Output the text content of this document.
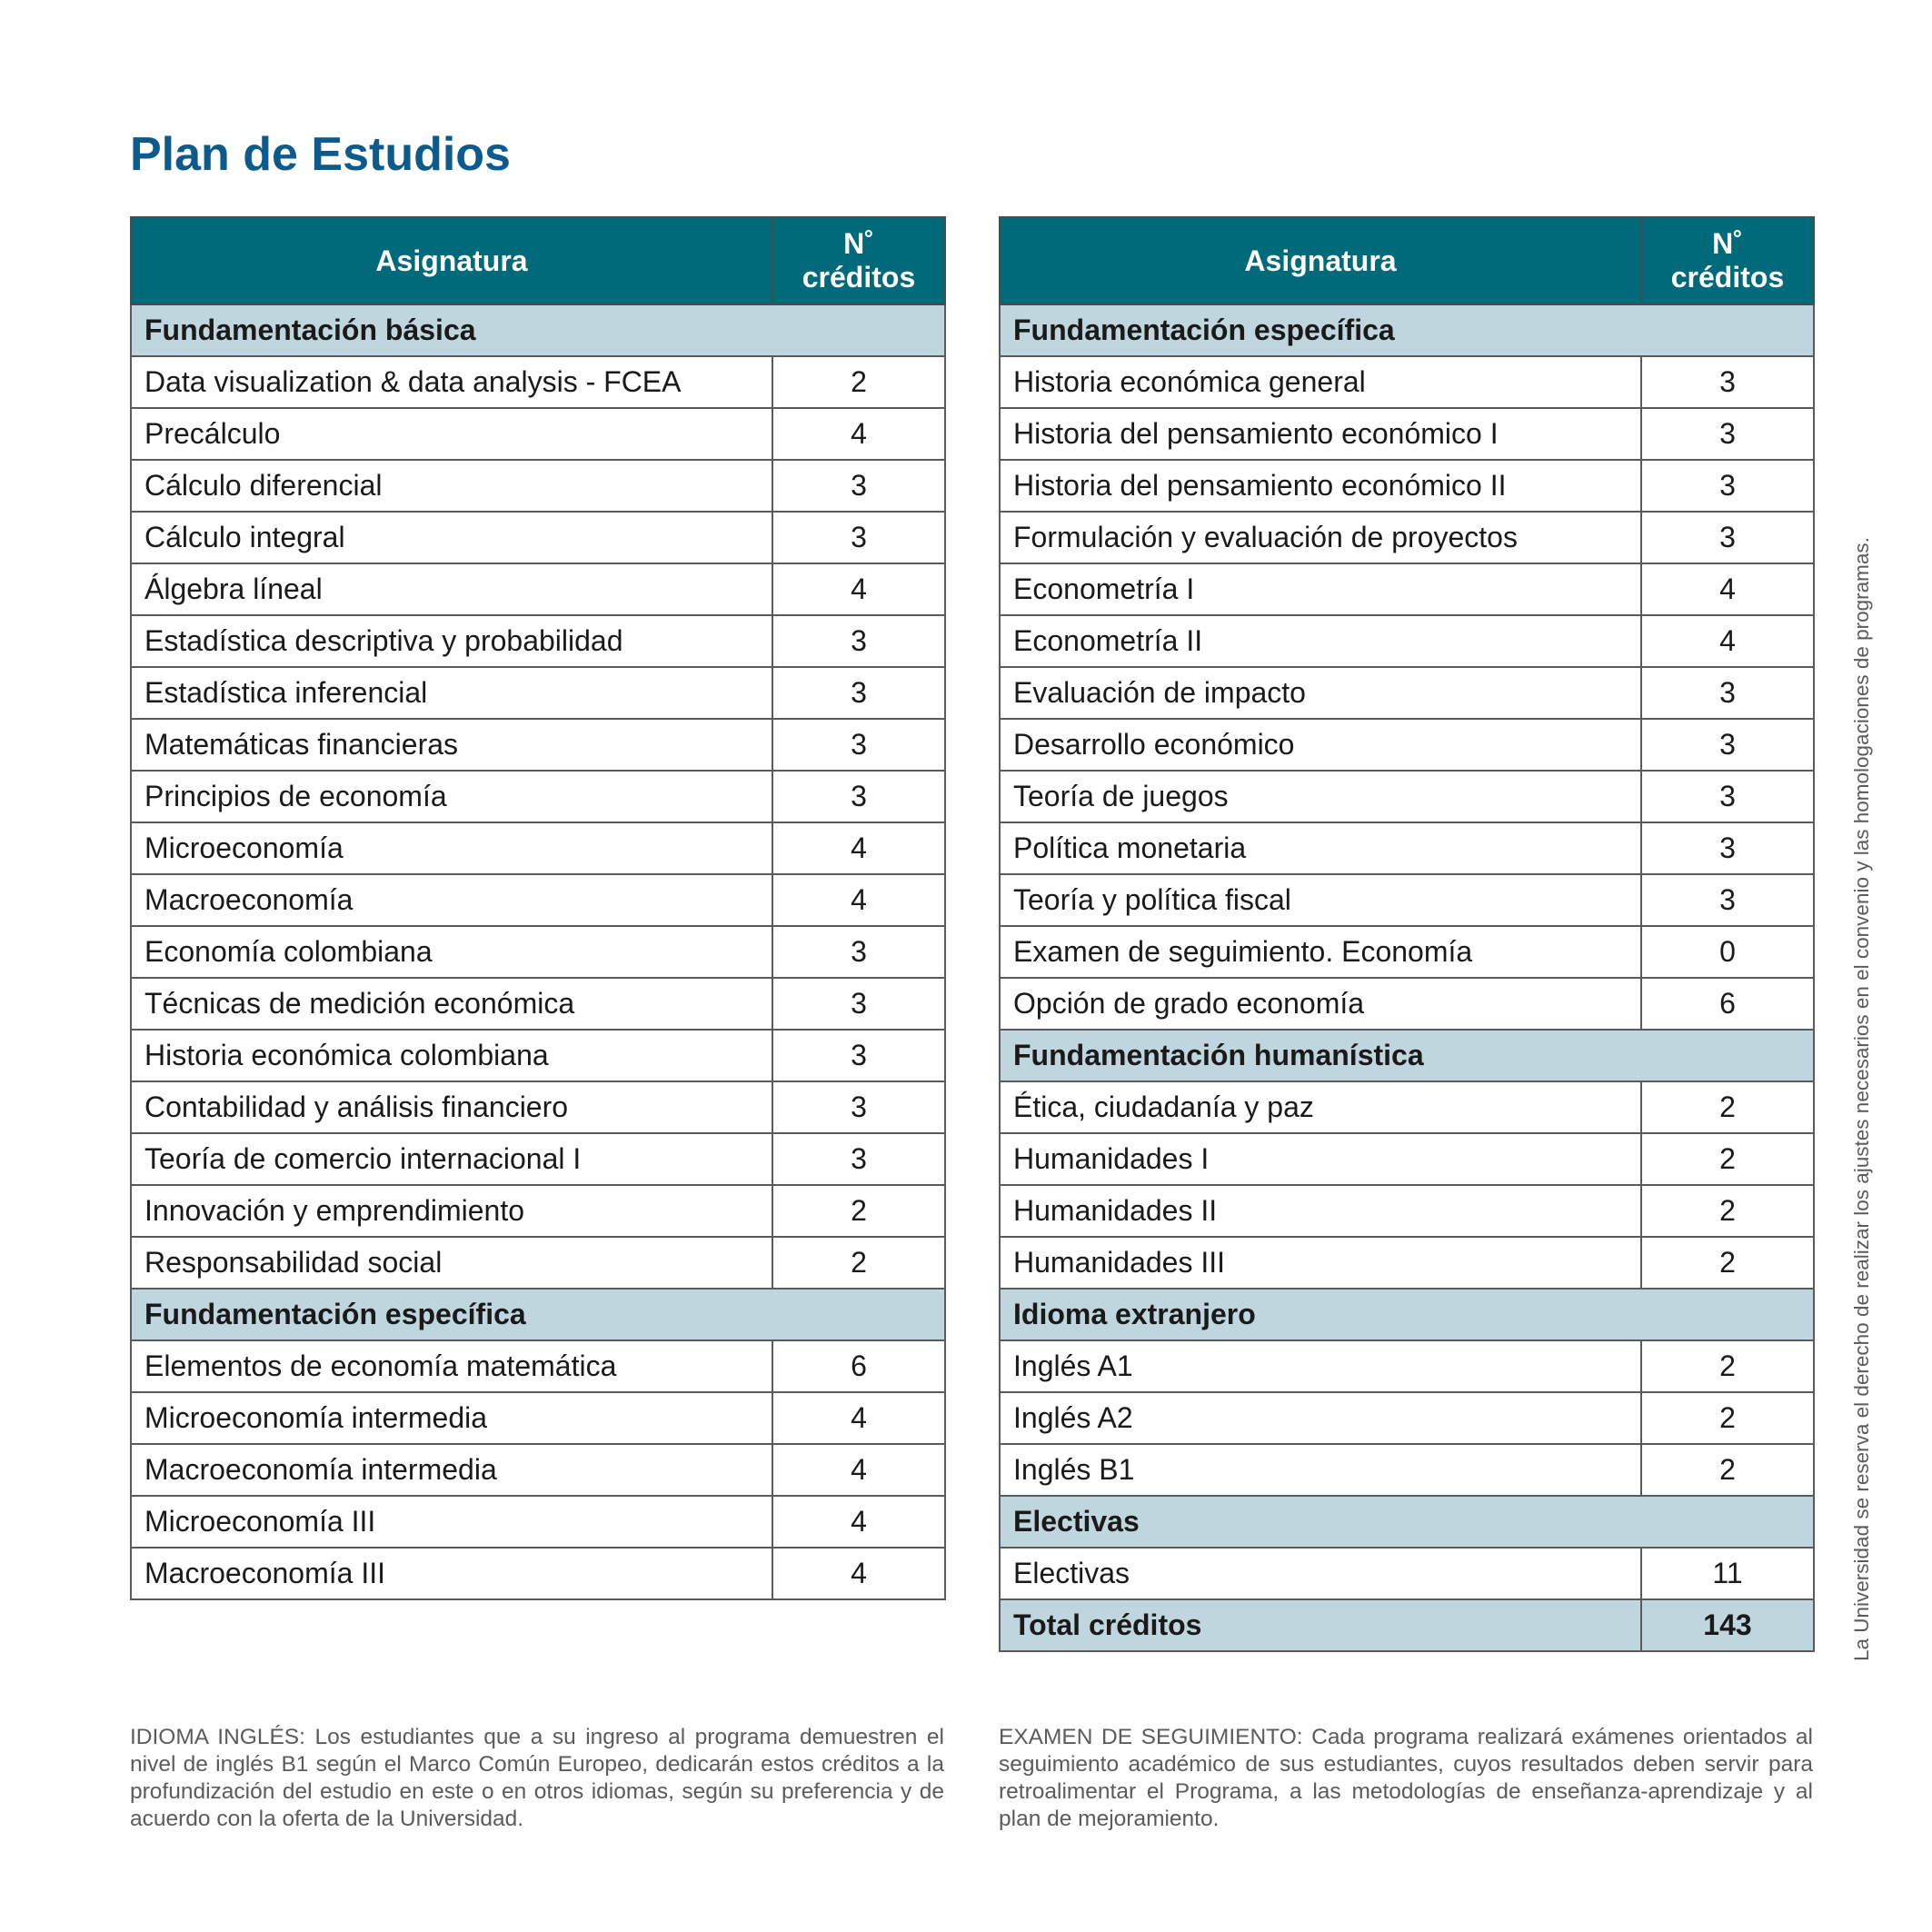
Plan de Estudios
Asignatura	N˚
créditos
Fundamentación básica	
Data visualization & data analysis - FCEA	2
Precálculo	4
Cálculo diferencial	3
Cálculo integral	3
Álgebra líneal	4
Estadística descriptiva y probabilidad	3
Estadística inferencial	3
Matemáticas financieras	3
Principios de economía	3
Microeconomía	4
Macroeconomía	4
Economía colombiana	3
Técnicas de medición económica	3
Historia económica colombiana	3
Contabilidad y análisis financiero	3
Teoría de comercio internacional I	3
Innovación y emprendimiento	2
Responsabilidad social	2
Fundamentación específica	
Elementos de economía matemática	6
Microeconomía intermedia	4
Macroeconomía intermedia	4
Microeconomía III	4
Macroeconomía III	4
Asignatura	N˚
créditos
Fundamentación específica	
Historia económica general	3
Historia del pensamiento económico I	3
Historia del pensamiento económico II	3
Formulación y evaluación de proyectos	3
Econometría I	4
Econometría II	4
Evaluación de impacto	3
Desarrollo económico	3
Teoría de juegos	3
Política monetaria	3
Teoría y política fiscal	3
Examen de seguimiento. Economía	0
Opción de grado economía	6
Fundamentación humanística	
Ética, ciudadanía y paz	2
Humanidades I	2
Humanidades II	2
Humanidades III	2
Idioma extranjero	
Inglés A1	2
Inglés A2	2
Inglés B1	2
Electivas	
Electivas	11
Total créditos	143

IDIOMA INGLÉS: Los estudiantes que a su ingreso al programa demuestren el nivel de inglés B1 según el Marco Común Europeo, dedicarán estos créditos a la profundización del estudio en este o en otros idiomas, según su preferencia y de acuerdo con la oferta de la Universidad.

EXAMEN DE SEGUIMIENTO: Cada programa realizará exámenes orientados al seguimiento académico de sus estudiantes, cuyos resultados deben servir para retroalimentar el Programa, a las metodologías de enseñanza-aprendizaje y al plan de mejoramiento.

La Universidad se reserva el derecho de realizar los ajustes necesarios en el convenio y las homologaciones de programas.
